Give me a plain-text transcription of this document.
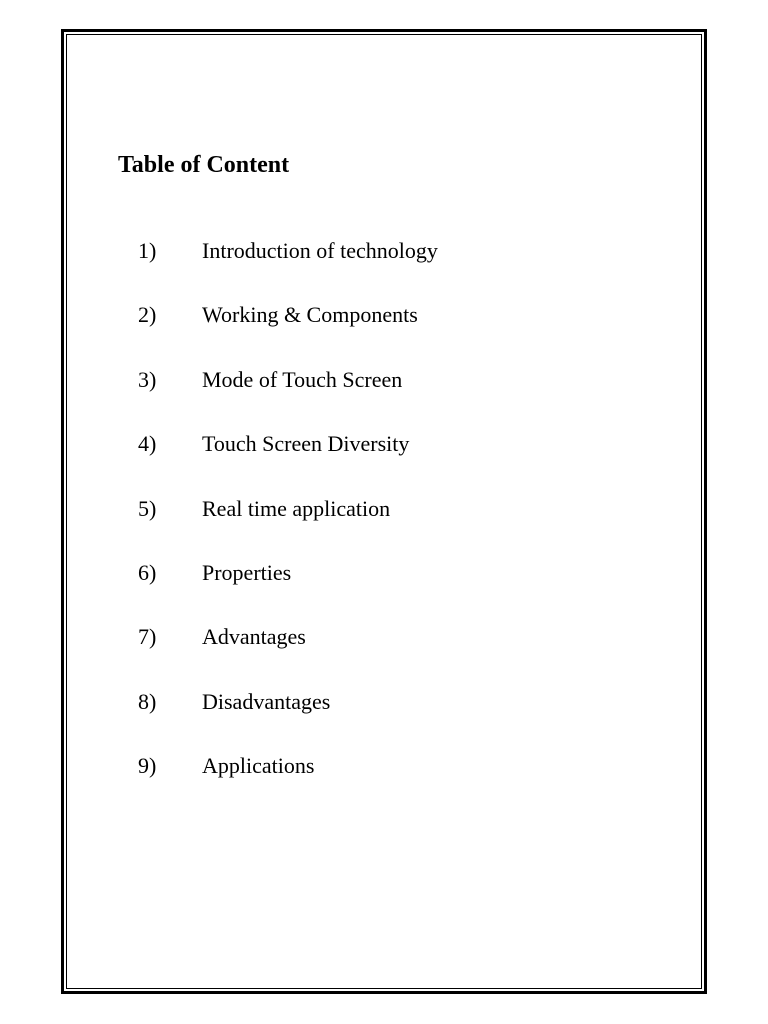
Table of Content
1) Introduction of technology
2) Working & Components
3) Mode of Touch Screen
4) Touch Screen Diversity
5) Real time application
6) Properties
7) Advantages
8) Disadvantages
9) Applications
